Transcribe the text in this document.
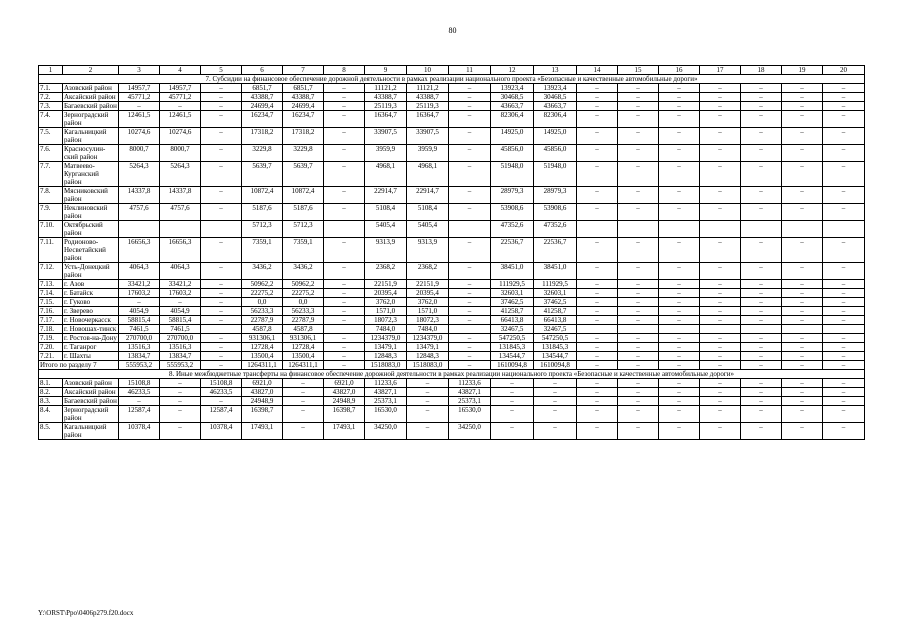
80
1	2	3	4	5	6	7	8	9	10	11	12	13	14	15	16	17	18	19	20
7. Субсидии на финансовое обеспечение дорожной деятельности в рамках реализации национального проекта «Безопасные и качественные автомобильные дороги»																			
7.1.	Азовский район	14957,7	14957,7	–	6851,7	6851,7	–	11121,2	11121,2	–	13923,4	13923,4	–	–	–	–	–	–	–
7.2.	Аксайский район	45771,2	45771,2	–	43388,7	43388,7	–	43388,7	43388,7	–	30468,5	30468,5	–	–	–	–	–	–	–
7.3.	Багаевский район	–	–	–	24699,4	24699,4	–	25119,3	25119,3	–	43663,7	43663,7	–	–	–	–	–	–	–
7.4.	Зерноградский район	12461,5	12461,5	–	16234,7	16234,7	–	16364,7	16364,7	–	82306,4	82306,4	–	–	–	–	–	–	–
7.5.	Кагальницкий район	10274,6	10274,6	–	17318,2	17318,2	–	33907,5	33907,5	–	14925,0	14925,0	–	–	–	–	–	–	–
7.6.	Красносулин-ский район	8000,7	8000,7	–	3229,8	3229,8	–	3959,9	3959,9	–	45856,0	45856,0	–	–	–	–	–	–	–
7.7.	Матвеево-Курганский район	5264,3	5264,3	–	5639,7	5639,7	–	4968,1	4968,1	–	51948,0	51948,0	–	–	–	–	–	–	–
7.8.	Мясниковский район	14337,8	14337,8	–	10872,4	10872,4	–	22914,7	22914,7	–	28979,3	28979,3	–	–	–	–	–	–	–
7.9.	Неклиновский район	4757,6	4757,6	–	5187,6	5187,6	–	5108,4	5108,4	–	53908,6	53908,6	–	–	–	–	–	–	–
7.10.	Октябрьский район				5712,3	5712,3		5405,4	5405,4		47352,6	47352,6							
7.11.	Родионово-Несветайский район	16656,3	16656,3	–	7359,1	7359,1	–	9313,9	9313,9	–	22536,7	22536,7	–	–	–	–	–	–	–
7.12.	Усть-Донецкий район	4064,3	4064,3	–	3436,2	3436,2	–	2368,2	2368,2	–	38451,0	38451,0	–	–	–	–	–	–	–
7.13.	г. Азов	33421,2	33421,2	–	50962,2	50962,2	–	22151,9	22151,9	–	111929,5	111929,5	–	–	–	–	–	–	–
7.14.	г. Батайск	17603,2	17603,2	–	22275,2	22275,2	–	20395,4	20395,4	–	32603,1	32603,1	–	–	–	–	–	–	–
7.15.	г. Гуково	–	–	–	0,0	0,0	–	3762,0	3762,0	–	37462,5	37462,5	–	–	–	–	–	–	–
7.16.	г. Зверево	4054,9	4054,9	–	56233,3	56233,3	–	1571,0	1571,0	–	41258,7	41258,7	–	–	–	–	–	–	–
7.17.	г. Новочеркасск	58815,4	58815,4	–	22787,9	22787,9	–	18072,3	18072,3	–	66413,8	66413,8	–	–	–	–	–	–	–
7.18.	г. Новошах-тинск	7461,5	7461,5		4587,8	4587,8		7484,0	7484,0		32467,5	32467,5							
7.19.	г. Ростов-на-Дону	270700,0	270700,0	–	931306,1	931306,1	–	1234379,0	1234379,0	–	547250,5	547250,5	–	–	–	–	–	–	–
7.20.	г. Таганрог	13516,3	13516,3	–	12728,4	12728,4	–	13479,1	13479,1	–	131845,3	131845,3	–	–	–	–	–	–	–
7.21.	г. Шахты	13834,7	13834,7	–	13500,4	13500,4	–	12848,3	12848,3	–	134544,7	134544,7	–	–	–	–	–	–	–
Итого по разделу 7		555953,2	555953,2	–	1264311,1	1264311,1	–	1518083,0	1518083,0	–	1610094,8	1610094,8	–	–	–	–	–	–	–
8. Иные межбюджетные трансферты на финансовое обеспечение дорожной деятельности в рамках реализации национального проекта «Безопасные и качественные автомобильные дороги»																			
8.1.	Азовский район	15108,8	–	15108,8	6921,0	–	6921,0	11233,6	–	11233,6	–	–	–	–	–	–	–	–	–
8.2.	Аксайский район	46233,5	–	46233,5	43827,0	–	43827,0	43827,1	–	43827,1	–	–	–	–	–	–	–	–	–
8.3.	Багаевский район	–	–	–	24948,9	–	24948,9	25373,1	–	25373,1	–	–	–	–	–	–	–	–	–
8.4.	Зерноградский район	12587,4	–	12587,4	16398,7	–	16398,7	16530,0	–	16530,0	–	–	–	–	–	–	–	–	–
8.5.	Кагальницкий район	10378,4	–	10378,4	17493,1	–	17493,1	34250,0	–	34250,0	–	–	–	–	–	–	–	–	–
Y:\ORST\Ppo\0406p279.f20.docx
